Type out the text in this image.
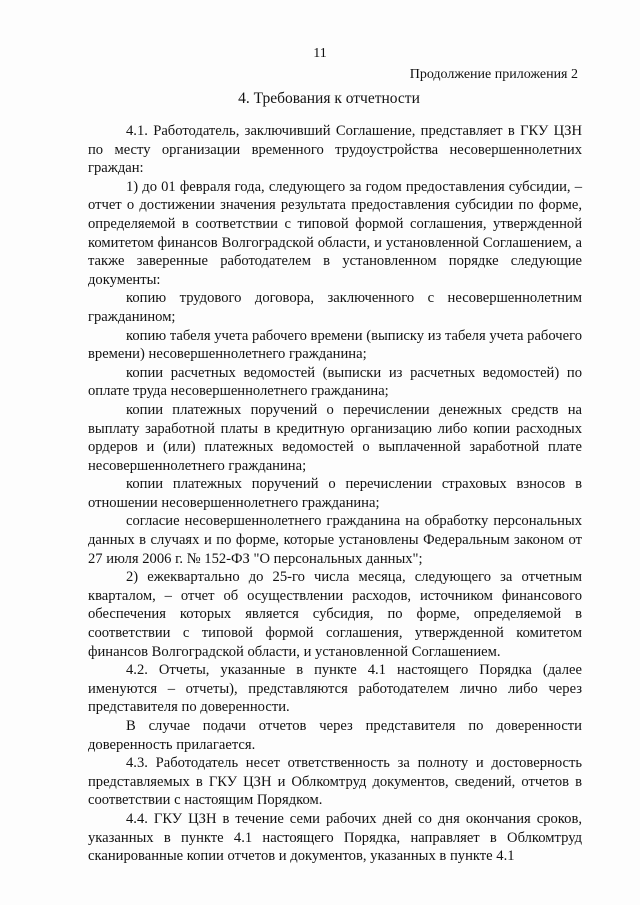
11
Продолжение приложения 2
4. Требования к отчетности

4.1. Работодатель, заключивший Соглашение, представляет в ГКУ ЦЗН по месту организации временного трудоустройства несовершеннолетних граждан:

1) до 01 февраля года, следующего за годом предоставления субсидии, – отчет о достижении значения результата предоставления субсидии по форме, определяемой в соответствии с типовой формой соглашения, утвержденной комитетом финансов Волгоградской области, и установленной Соглашением, а также заверенные работодателем в установленном порядке следующие документы:

копию трудового договора, заключенного с несовершеннолетним гражданином;

копию табеля учета рабочего времени (выписку из табеля учета рабочего времени) несовершеннолетнего гражданина;

копии расчетных ведомостей (выписки из расчетных ведомостей) по оплате труда несовершеннолетнего гражданина;

копии платежных поручений о перечислении денежных средств на выплату заработной платы в кредитную организацию либо копии расходных ордеров и (или) платежных ведомостей о выплаченной заработной плате несовершеннолетнего гражданина;

копии платежных поручений о перечислении страховых взносов в отношении несовершеннолетнего гражданина;

согласие несовершеннолетнего гражданина на обработку персональных данных в случаях и по форме, которые установлены Федеральным законом от 27 июля 2006 г. № 152-ФЗ "О персональных данных";

2) ежеквартально до 25-го числа месяца, следующего за отчетным кварталом, – отчет об осуществлении расходов, источником финансового обеспечения которых является субсидия, по форме, определяемой в соответствии с типовой формой соглашения, утвержденной комитетом финансов Волгоградской области, и установленной Соглашением.

4.2. Отчеты, указанные в пункте 4.1 настоящего Порядка (далее именуются – отчеты), представляются работодателем лично либо через представителя по доверенности.

В случае подачи отчетов через представителя по доверенности доверенность прилагается.

4.3. Работодатель несет ответственность за полноту и достоверность представляемых в ГКУ ЦЗН и Облкомтруд документов, сведений, отчетов в соответствии с настоящим Порядком.

4.4. ГКУ ЦЗН в течение семи рабочих дней со дня окончания сроков, указанных в пункте 4.1 настоящего Порядка, направляет в Облкомтруд сканированные копии отчетов и документов, указанных в пункте 4.1
